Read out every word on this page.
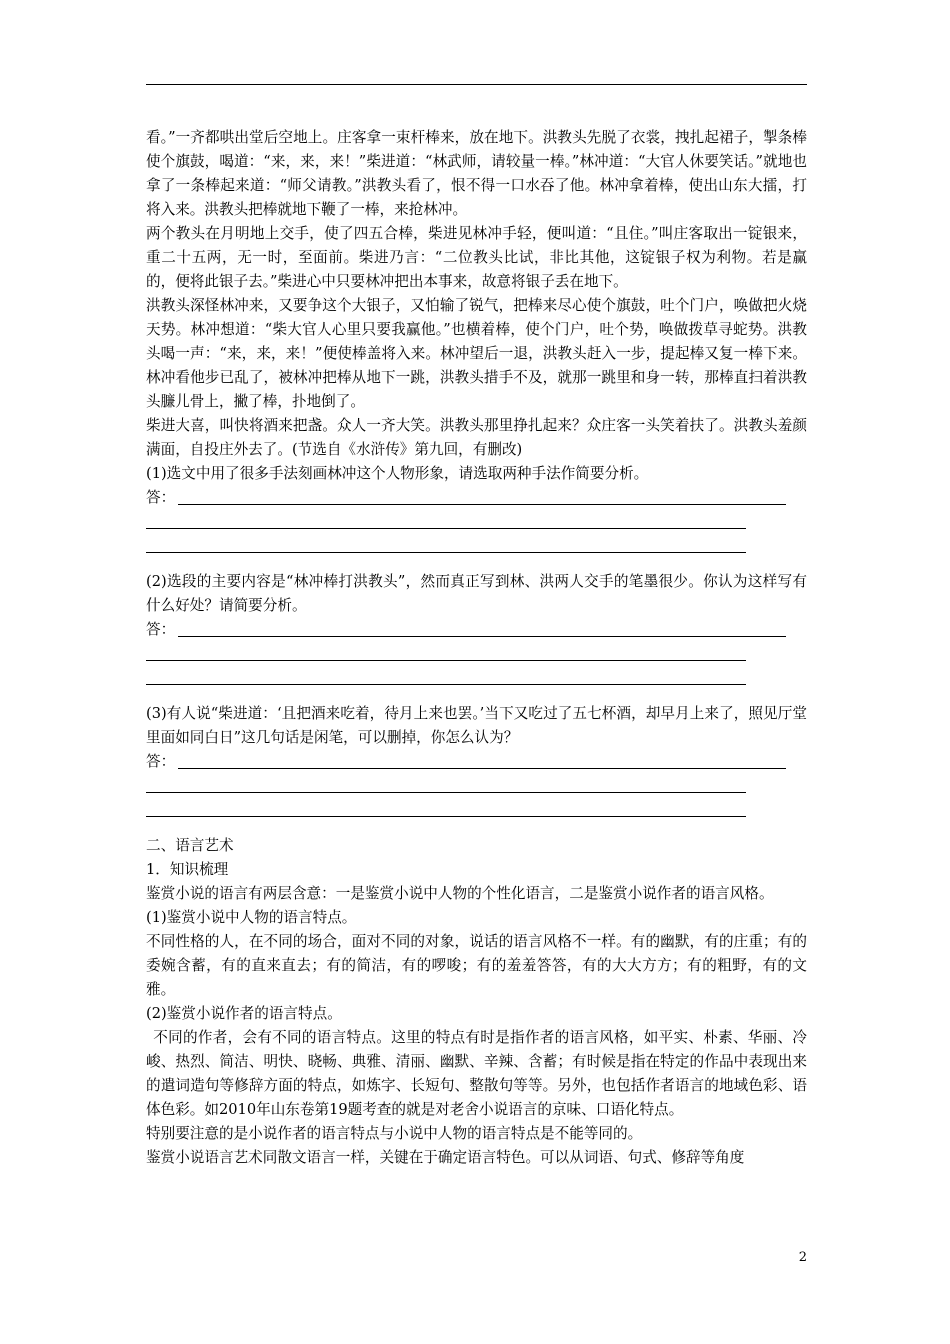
看。”一齐都哄出堂后空地上。庄客拿一束杆棒来，放在地下。洪教头先脱了衣裳，拽扎起裙子，掣条棒使个旗鼓，喝道：“来，来，来！”柴进道：“林武师，请较量一棒。”林冲道：“大官人休要笑话。”就地也拿了一条棒起来道：“师父请教。”洪教头看了，恨不得一口水吞了他。林冲拿着棒，使出山东大擂，打将入来。洪教头把棒就地下鞭了一棒，来抢林冲。

两个教头在月明地上交手，使了四五合棒，柴进见林冲手轻，便叫道：“且住。”叫庄客取出一锭银来，重二十五两，无一时，至面前。柴进乃言：“二位教头比试，非比其他，这锭银子权为利物。若是赢的，便将此银子去。”柴进心中只要林冲把出本事来，故意将银子丢在地下。

洪教头深怪林冲来，又要争这个大银子，又怕输了锐气，把棒来尽心使个旗鼓，吐个门户，唤做把火烧天势。林冲想道：“柴大官人心里只要我赢他。”也横着棒，使个门户，吐个势，唤做拨草寻蛇势。洪教头喝一声：“来，来，来！”便使棒盖将入来。林冲望后一退，洪教头赶入一步，提起棒又复一棒下来。林冲看他步已乱了，被林冲把棒从地下一跳，洪教头措手不及，就那一跳里和身一转，那棒直扫着洪教头臁儿骨上，撇了棒，扑地倒了。

柴进大喜，叫快将酒来把盏。众人一齐大笑。洪教头那里挣扎起来？众庄客一头笑着扶了。洪教头羞颜满面，自投庄外去了。(节选自《水浒传》第九回，有删改)

(1)选文中用了很多手法刻画林冲这个人物形象，请选取两种手法作简要分析。

答：

(2)选段的主要内容是“林冲棒打洪教头”，然而真正写到林、洪两人交手的笔墨很少。你认为这样写有什么好处？请简要分析。

答：

(3)有人说“柴进道：‘且把酒来吃着，待月上来也罢。’当下又吃过了五七杯酒，却早月上来了，照见厅堂里面如同白日”这几句话是闲笔，可以删掉，你怎么认为？

答：

二、语言艺术

1．知识梳理

鉴赏小说的语言有两层含意：一是鉴赏小说中人物的个性化语言，二是鉴赏小说作者的语言风格。

(1)鉴赏小说中人物的语言特点。

不同性格的人，在不同的场合，面对不同的对象，说话的语言风格不一样。有的幽默，有的庄重；有的委婉含蓄，有的直来直去；有的简洁，有的啰唆；有的羞羞答答，有的大大方方；有的粗野，有的文雅。

(2)鉴赏小说作者的语言特点。

不同的作者，会有不同的语言特点。这里的特点有时是指作者的语言风格，如平实、朴素、华丽、冷峻、热烈、简洁、明快、晓畅、典雅、清丽、幽默、辛辣、含蓄；有时候是指在特定的作品中表现出来的遣词造句等修辞方面的特点，如炼字、长短句、整散句等等。另外，也包括作者语言的地域色彩、语体色彩。如2010年山东卷第19题考查的就是对老舍小说语言的京味、口语化特点。

特别要注意的是小说作者的语言特点与小说中人物的语言特点是不能等同的。

鉴赏小说语言艺术同散文语言一样，关键在于确定语言特色。可以从词语、句式、修辞等角度

2
